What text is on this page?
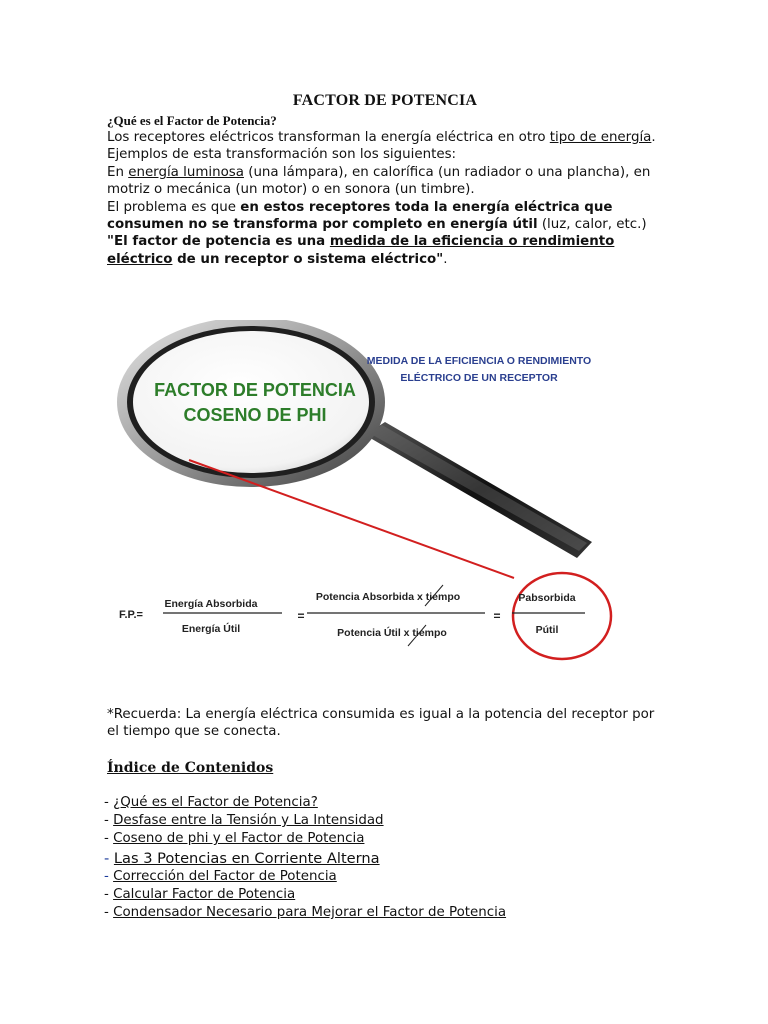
FACTOR DE POTENCIA

¿Qué es el Factor de Potencia?

Los receptores eléctricos transforman la energía eléctrica en otro tipo de energía.

Ejemplos de esta transformación son los siguientes:

En energía luminosa (una lámpara), en calorífica (un radiador o una plancha), en motriz o mecánica (un motor) o en sonora (un timbre).

El problema es que en estos receptores toda la energía eléctrica que consumen no se transforma por completo en energía útil (luz, calor, etc.)

"El factor de potencia es una medida de la eficiencia o rendimiento eléctrico de un receptor o sistema eléctrico".

FACTOR DE POTENCIA
COSENO DE PHI
MEDIDA DE LA EFICIENCIA O RENDIMIENTO
ELÉCTRICO DE UN RECEPTOR
F.P.=
Energía Absorbida
Energía Útil
=
Potencia Absorbida x tiempo
Potencia Útil x tiempo
=
Pabsorbida
Pútil

*Recuerda: La energía eléctrica consumida es igual a la potencia del receptor por el tiempo que se conecta.

Índice de Contenidos
- ¿Qué es el Factor de Potencia?
- Desfase entre la Tensión y La Intensidad
- Coseno de phi y el Factor de Potencia
- Las 3 Potencias en Corriente Alterna
- Corrección del Factor de Potencia
- Calcular Factor de Potencia
- Condensador Necesario para Mejorar el Factor de Potencia
